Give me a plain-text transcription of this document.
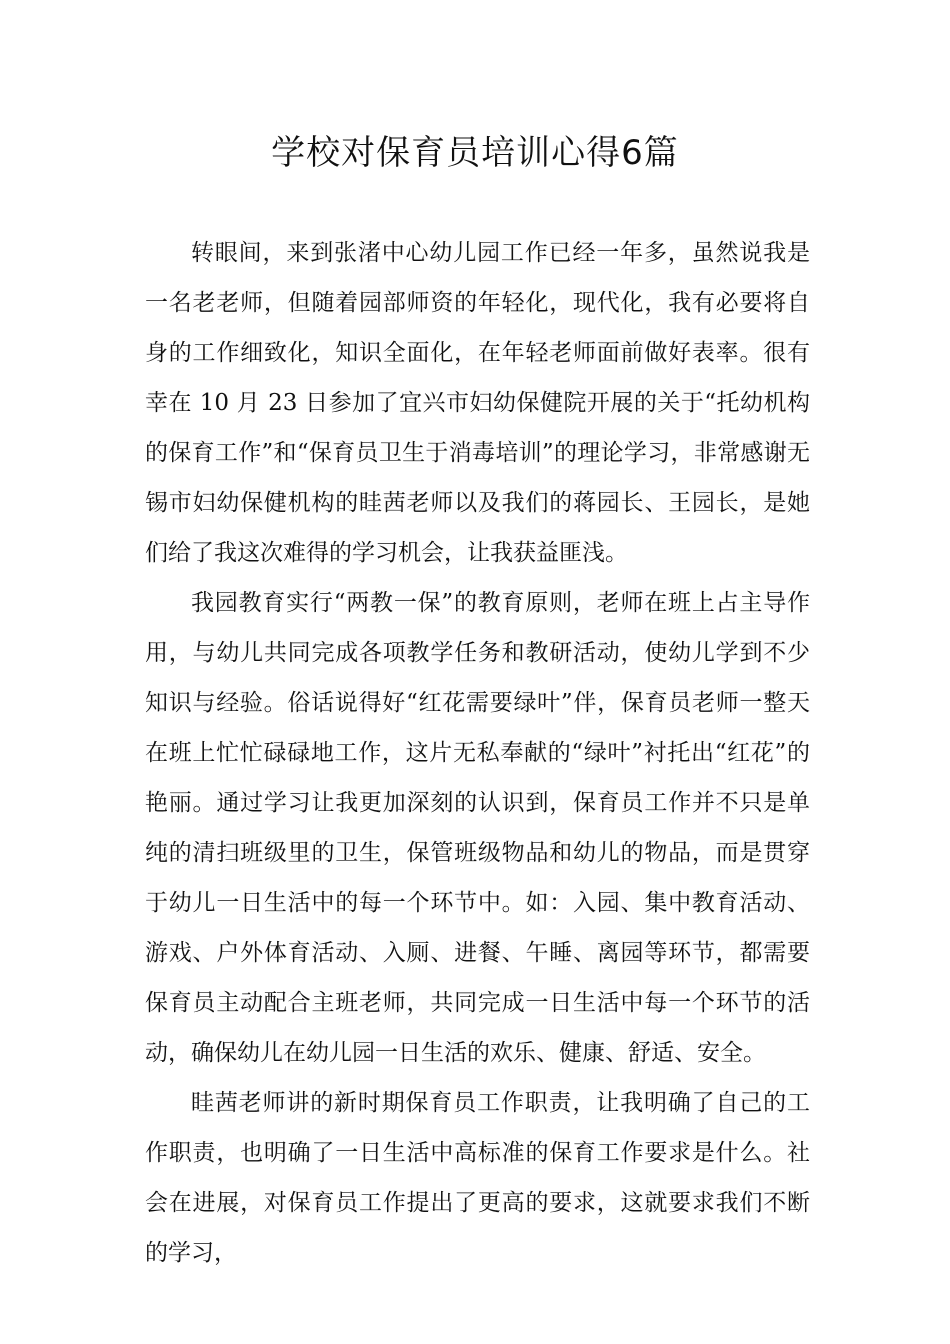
学校对保育员培训心得6篇

转眼间，来到张渚中心幼儿园工作已经一年多，虽然说我是一名老老师，但随着园部师资的年轻化，现代化，我有必要将自身的工作细致化，知识全面化，在年轻老师面前做好表率。很有幸在 10 月 23 日参加了宜兴市妇幼保健院开展的关于“托幼机构的保育工作”和“保育员卫生于消毒培训”的理论学习，非常感谢无锡市妇幼保健机构的眭茜老师以及我们的蒋园长、王园长，是她们给了我这次难得的学习机会，让我获益匪浅。

我园教育实行“两教一保”的教育原则，老师在班上占主导作用，与幼儿共同完成各项教学任务和教研活动，使幼儿学到不少知识与经验。俗话说得好“红花需要绿叶”伴，保育员老师一整天在班上忙忙碌碌地工作，这片无私奉献的“绿叶”衬托出“红花”的艳丽。通过学习让我更加深刻的认识到，保育员工作并不只是单纯的清扫班级里的卫生，保管班级物品和幼儿的物品，而是贯穿于幼儿一日生活中的每一个环节中。如：入园、集中教育活动、游戏、户外体育活动、入厕、进餐、午睡、离园等环节，都需要保育员主动配合主班老师，共同完成一日生活中每一个环节的活动，确保幼儿在幼儿园一日生活的欢乐、健康、舒适、安全。

眭茜老师讲的新时期保育员工作职责，让我明确了自己的工作职责，也明确了一日生活中高标准的保育工作要求是什么。社会在进展，对保育员工作提出了更高的要求，这就要求我们不断的学习，
